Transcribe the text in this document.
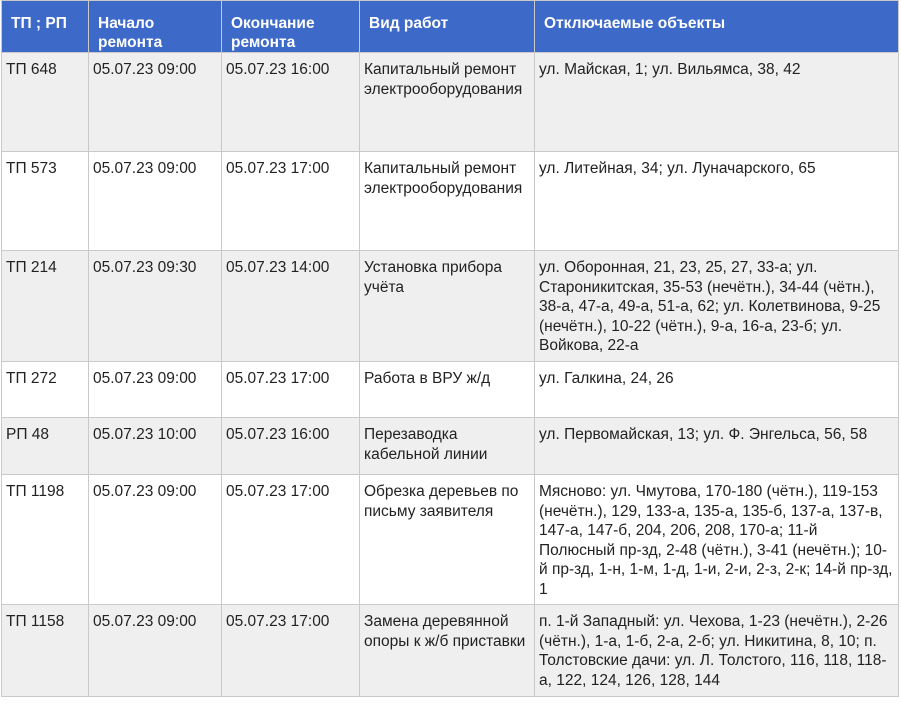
ТП ; РП	Начало ремонта	Окончание ремонта	Вид работ	Отключаемые объекты
ТП 648	05.07.23 09:00	05.07.23 16:00	Капитальный ремонт электрооборудования	ул. Майская, 1; ул. Вильямса, 38, 42
ТП 573	05.07.23 09:00	05.07.23 17:00	Капитальный ремонт электрооборудования	ул. Литейная, 34; ул. Луначарского, 65
ТП 214	05.07.23 09:30	05.07.23 14:00	Установка прибора учёта	ул. Оборонная, 21, 23, 25, 27, 33-а; ул. Староникитская, 35-53 (нечётн.), 34-44 (чётн.), 38-а, 47-а, 49-а, 51-а, 62; ул. Колетвинова, 9-25 (нечётн.), 10-22 (чётн.), 9-а, 16-а, 23-б; ул. Войкова, 22-а
ТП 272	05.07.23 09:00	05.07.23 17:00	Работа в ВРУ ж/д	ул. Галкина, 24, 26
РП 48	05.07.23 10:00	05.07.23 16:00	Перезаводка кабельной линии	ул. Первомайская, 13; ул. Ф. Энгельса, 56, 58
ТП 1198	05.07.23 09:00	05.07.23 17:00	Обрезка деревьев по письму заявителя	Мясново: ул. Чмутова, 170-180 (чётн.), 119-153 (нечётн.), 129, 133-а, 135-а, 135-б, 137-а, 137-в, 147-а, 147-б, 204, 206, 208, 170-а; 11-й Полюсный пр-зд, 2-48 (чётн.), 3-41 (нечётн.); 10-й пр-зд, 1-н, 1-м, 1-д, 1-и, 2-и, 2-з, 2-к; 14-й пр-зд, 1
ТП 1158	05.07.23 09:00	05.07.23 17:00	Замена деревянной опоры к ж/б приставки	п. 1-й Западный: ул. Чехова, 1-23 (нечётн.), 2-26 (чётн.), 1-а, 1-б, 2-а, 2-б; ул. Никитина, 8, 10; п. Толстовские дачи: ул. Л. Толстого, 116, 118, 118-а, 122, 124, 126, 128, 144
